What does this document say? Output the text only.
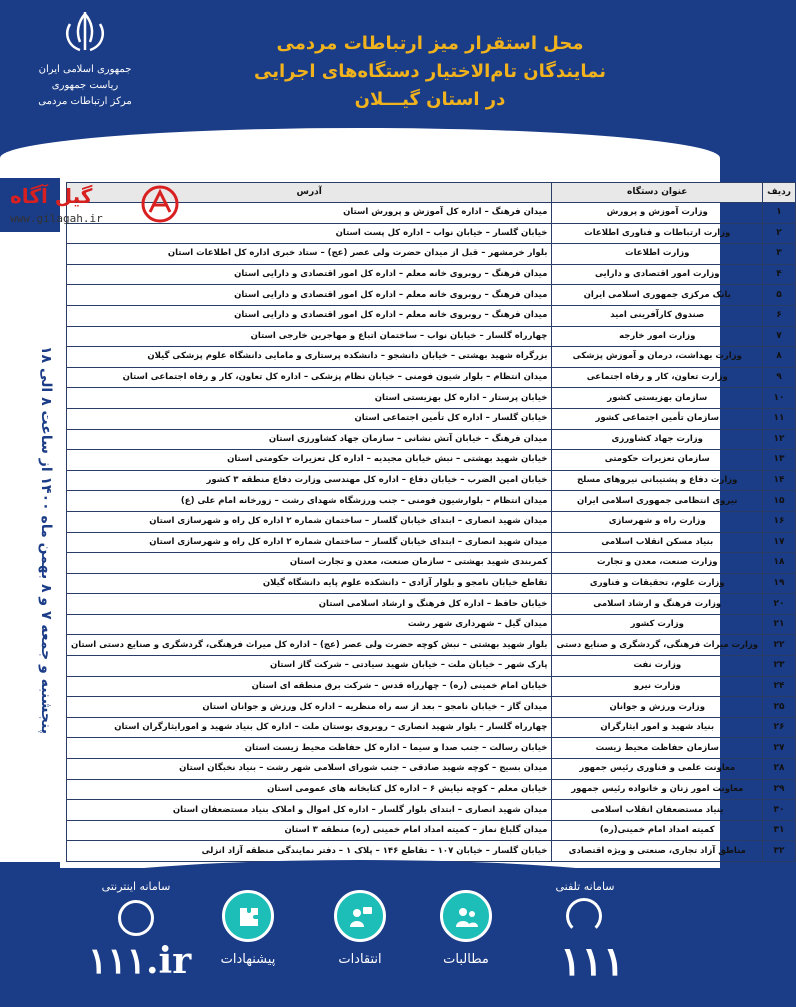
جمهوری اسلامی ایران
ریاست جمهوری
مرکز ارتباطات مردمی
محل استقرار میز ارتباطات مردمی
نمایندگان تام‌الاختیار دستگاه‌های اجرایی
در استان گیـــلان
پنجشنبه و جمعه ۷ و ۸ بهمن ماه ۱۴۰۰ از ساعت ۸ الی ۱۸
ردیف	عنوان دستگاه	آدرس
۱	وزارت آموزش و پرورش	میدان فرهنگ – اداره کل آموزش و پرورش استان
۲	وزارت ارتباطات و فناوری اطلاعات	خیابان گلسار – خیابان نواب – اداره کل پست استان
۳	وزارت اطلاعات	بلوار خرمشهر – قبل از میدان حضرت ولی عصر (عج) – ستاد خبری اداره کل اطلاعات استان
۴	وزارت امور اقتصادی و دارایی	میدان فرهنگ – روبروی خانه معلم – اداره کل امور اقتصادی و دارایی استان
۵	بانک مرکزی جمهوری اسلامی ایران	میدان فرهنگ – روبروی خانه معلم – اداره کل امور اقتصادی و دارایی استان
۶	صندوق کارآفرینی امید	میدان فرهنگ – روبروی خانه معلم – اداره کل امور اقتصادی و دارایی استان
۷	وزارت امور خارجه	چهارراه گلسار – خیابان نواب – ساختمان اتباع و مهاجرین خارجی استان
۸	وزارت بهداشت، درمان و آموزش پزشکی	بزرگراه شهید بهشتی – خیابان دانشجو – دانشکده پرستاری و مامایی دانشگاه علوم پزشکی گیلان
۹	وزارت تعاون، کار و رفاه اجتماعی	میدان انتظام – بلوار شیون فومنی – خیابان نظام پزشکی – اداره کل تعاون، کار و رفاه اجتماعی استان
۱۰	سازمان بهزیستی کشور	خیابان پرستار – اداره کل بهزیستی استان
۱۱	سازمان تأمین اجتماعی کشور	خیابان گلسار – اداره کل تأمین اجتماعی استان
۱۲	وزارت جهاد کشاورزی	میدان فرهنگ – خیابان آتش نشانی – سازمان جهاد کشاورزی استان
۱۳	سازمان تعزیرات حکومتی	خیابان شهید بهشتی – نبش خیابان مجیدیه – اداره کل تعزیرات حکومتی استان
۱۴	وزارت دفاع و پشتیبانی نیروهای مسلح	خیابان امین الضرب – خیابان دفاع – اداره کل مهندسی وزارت دفاع منطقه ۳ کشور
۱۵	نیروی انتظامی جمهوری اسلامی ایران	میدان انتظام – بلوارشیون فومنی – جنب ورزشگاه شهدای رشت – زورخانه امام علی (ع)
۱۶	وزارت راه و شهرسازی	میدان شهید انصاری – ابتدای خیابان گلسار – ساختمان شماره ۲ اداره کل راه و شهرسازی استان
۱۷	بنیاد مسکن انقلاب اسلامی	میدان شهید انصاری – ابتدای خیابان گلسار – ساختمان شماره ۲ اداره کل راه و شهرسازی استان
۱۸	وزارت صنعت، معدن و تجارت	کمربندی شهید بهشتی – سازمان صنعت، معدن و تجارت استان
۱۹	وزارت علوم، تحقیقات و فناوری	تقاطع خیابان نامجو و بلوار آزادی – دانشکده علوم پایه دانشگاه گیلان
۲۰	وزارت فرهنگ و ارشاد اسلامی	خیابان حافظ – اداره کل فرهنگ و ارشاد اسلامی استان
۲۱	وزارت کشور	میدان گیل – شهرداری شهر رشت
۲۲	وزارت میراث فرهنگی، گردشگری و صنایع دستی	بلوار شهید بهشتی – نبش کوچه حضرت ولی عصر (عج) – اداره کل میراث فرهنگی، گردشگری و صنایع دستی استان
۲۳	وزارت نفت	پارک شهر – خیابان ملت – خیابان شهید سیادتی – شرکت گاز استان
۲۴	وزارت نیرو	خیابان امام خمینی (ره) – چهارراه قدس – شرکت برق منطقه ای استان
۲۵	وزارت ورزش و جوانان	میدان گاز – خیابان نامجو – بعد از سه راه منظریه – اداره کل ورزش و جوانان استان
۲۶	بنیاد شهید و امور ایثارگران	چهارراه گلسار – بلوار شهید انصاری – روبروی بوستان ملت – اداره کل بنیاد شهید و امورایثارگران استان
۲۷	سازمان حفاظت محیط زیست	خیابان رسالت – جنب صدا و سیما – اداره کل حفاظت محیط زیست استان
۲۸	معاونت علمی و فناوری رئیس جمهور	میدان بسیج – کوچه شهید صادقی – جنب شورای اسلامی شهر رشت – بنیاد نخبگان استان
۲۹	معاونت امور زنان و خانواده رئیس جمهور	خیابان معلم – کوچه نیایش ۶ – اداره کل کتابخانه های عمومی استان
۳۰	بنیاد مستضعفان انقلاب اسلامی	میدان شهید انصاری – ابتدای بلوار گلسار – اداره کل اموال و املاک بنیاد مستضعفان استان
۳۱	کمیته امداد امام خمینی(ره)	میدان گلباغ نماز – کمیته امداد امام خمینی (ره) منطقه ۳ استان
۳۲	مناطق آزاد تجاری، صنعتی و ویژه اقتصادی	خیابان گلسار – خیابان ۱۰۷ – تقاطع ۱۴۶ – پلاک ۱ – دفتر نمایندگی منطقه آزاد انزلی
گیل آگاه
www.gilagah.ir
سامانه تلفنی
۱۱۱
سامانه اینترنتی
۱۱۱.ir	مطالبات
انتقادات
پیشنهادات
